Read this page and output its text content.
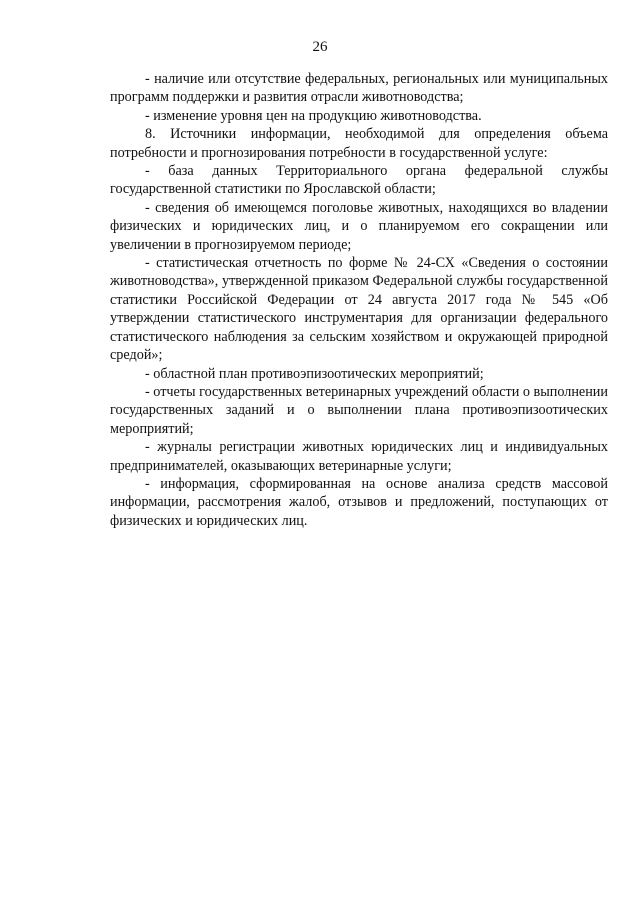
26

- наличие или отсутствие федеральных, региональных или муниципальных программ поддержки и развития отрасли животноводства;

- изменение уровня цен на продукцию животноводства.

8. Источники информации, необходимой для определения объема потребности и прогнозирования потребности в государственной услуге:

- база данных Территориального органа федеральной службы государственной статистики по Ярославской области;

- сведения об имеющемся поголовье животных, находящихся во владении физических и юридических лиц, и о планируемом его сокращении или увеличении в прогнозируемом периоде;

- статистическая отчетность по форме № 24-СХ «Сведения о состоянии животноводства», утвержденной приказом Федеральной службы государственной статистики Российской Федерации от 24 августа 2017 года № 545 «Об утверждении статистического инструментария для организации федерального статистического наблюдения за сельским хозяйством и окружающей природной средой»;

- областной план противоэпизоотических мероприятий;

- отчеты государственных ветеринарных учреждений области о выполнении государственных заданий и о выполнении плана противоэпизоотических мероприятий;

- журналы регистрации животных юридических лиц и индивидуальных предпринимателей, оказывающих ветеринарные услуги;

- информация, сформированная на основе анализа средств массовой информации, рассмотрения жалоб, отзывов и предложений, поступающих от физических и юридических лиц.
